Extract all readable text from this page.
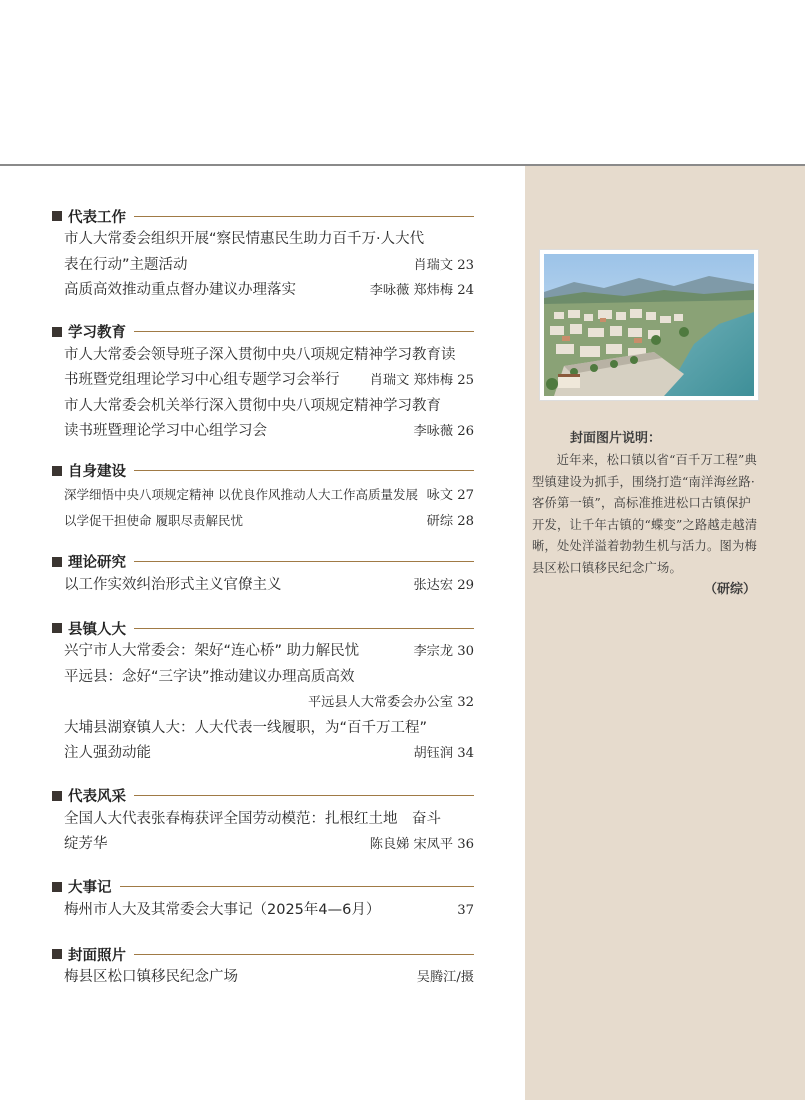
封面图片说明：
近年来，松口镇以省“百千万工程”典型镇建设为抓手，围绕打造“南洋海丝路·客侨第一镇”，高标准推进松口古镇保护开发，让千年古镇的“蝶变”之路越走越清晰，处处洋溢着勃勃生机与活力。图为梅县区松口镇移民纪念广场。
（研综）
代表工作
市人大常委会组织开展“察民情惠民生助力百千万·人大代
表在行动”主题活动	肖瑞文 23
高质高效推动重点督办建议办理落实	李咏薇 郑炜梅 24
学习教育
市人大常委会领导班子深入贯彻中央八项规定精神学习教育读
书班暨党组理论学习中心组专题学习会举行 肖瑞文 郑炜梅 25
市人大常委会机关举行深入贯彻中央八项规定精神学习教育
读书班暨理论学习中心组学习会	李咏薇 26
自身建设
深学细悟中央八项规定精神 以优良作风推动人大工作高质量发展 咏文 27
以学促干担使命 履职尽责解民忧	研综 28
理论研究
以工作实效纠治形式主义官僚主义	张达宏 29
县镇人大
兴宁市人大常委会：架好“连心桥” 助力解民忧	李宗龙 30
平远县：念好“三字诀”推动建议办理高质高效
平远县人大常委会办公室 32
大埔县湖寮镇人大：人大代表一线履职，为“百千万工程”
注人强劲动能	胡钰润 34
代表风采
全国人大代表张春梅获评全国劳动模范：扎根红土地　奋斗
绽芳华	陈良娣 宋凤平 36
大事记
梅州市人大及其常委会大事记（2025年4—6月）	37
封面照片
梅县区松口镇移民纪念广场	吴腾江/摄
